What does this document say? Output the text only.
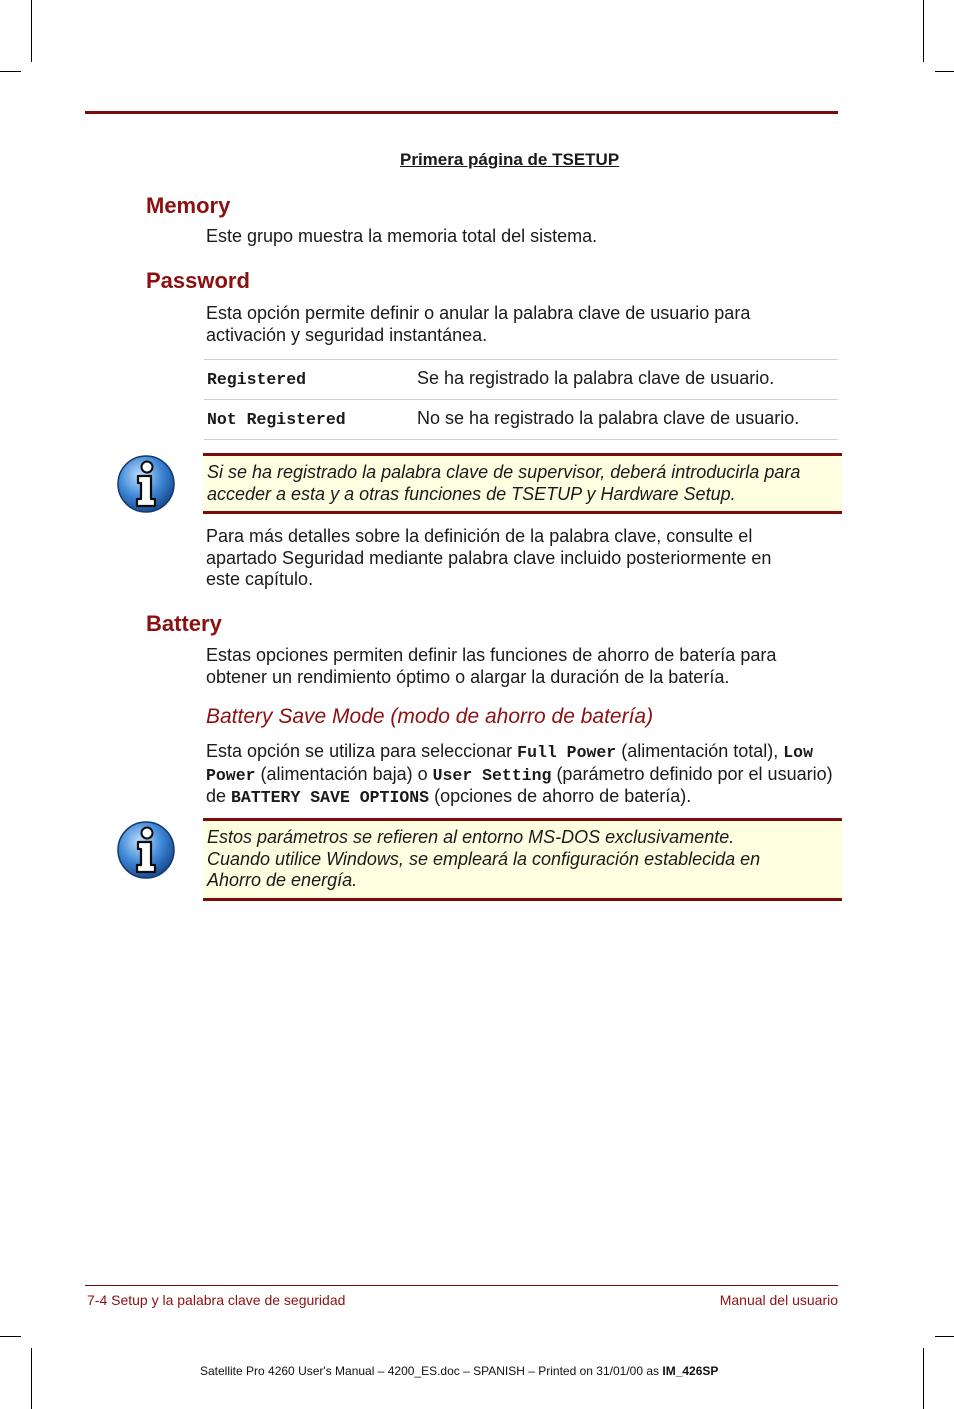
Primera página de TSETUP
Memory
Este grupo muestra la memoria total del sistema.
Password
Esta opción permite definir o anular la palabra clave de usuario para
activación y seguridad instantánea.
Registered	Se ha registrado la palabra clave de usuario.
Not Registered	No se ha registrado la palabra clave de usuario.
Si se ha registrado la palabra clave de supervisor, deberá introducirla para
acceder a esta y a otras funciones de TSETUP y Hardware Setup.
Para más detalles sobre la definición de la palabra clave, consulte el
apartado Seguridad mediante palabra clave incluido posteriormente en
este capítulo.
Battery
Estas opciones permiten definir las funciones de ahorro de batería para
obtener un rendimiento óptimo o alargar la duración de la batería.
Battery Save Mode (modo de ahorro de batería)
Esta opción se utiliza para seleccionar Full Power (alimentación total), Low Power (alimentación baja) o User Setting (parámetro definido por el usuario) de BATTERY SAVE OPTIONS (opciones de ahorro de batería).
Estos parámetros se refieren al entorno MS-DOS exclusivamente.
Cuando utilice Windows, se empleará la configuración establecida en
Ahorro de energía.
7-4 Setup y la palabra clave de seguridad	Manual del usuario
Satellite Pro 4260 User's Manual – 4200_ES.doc – SPANISH – Printed on 31/01/00 as IM_426SP
